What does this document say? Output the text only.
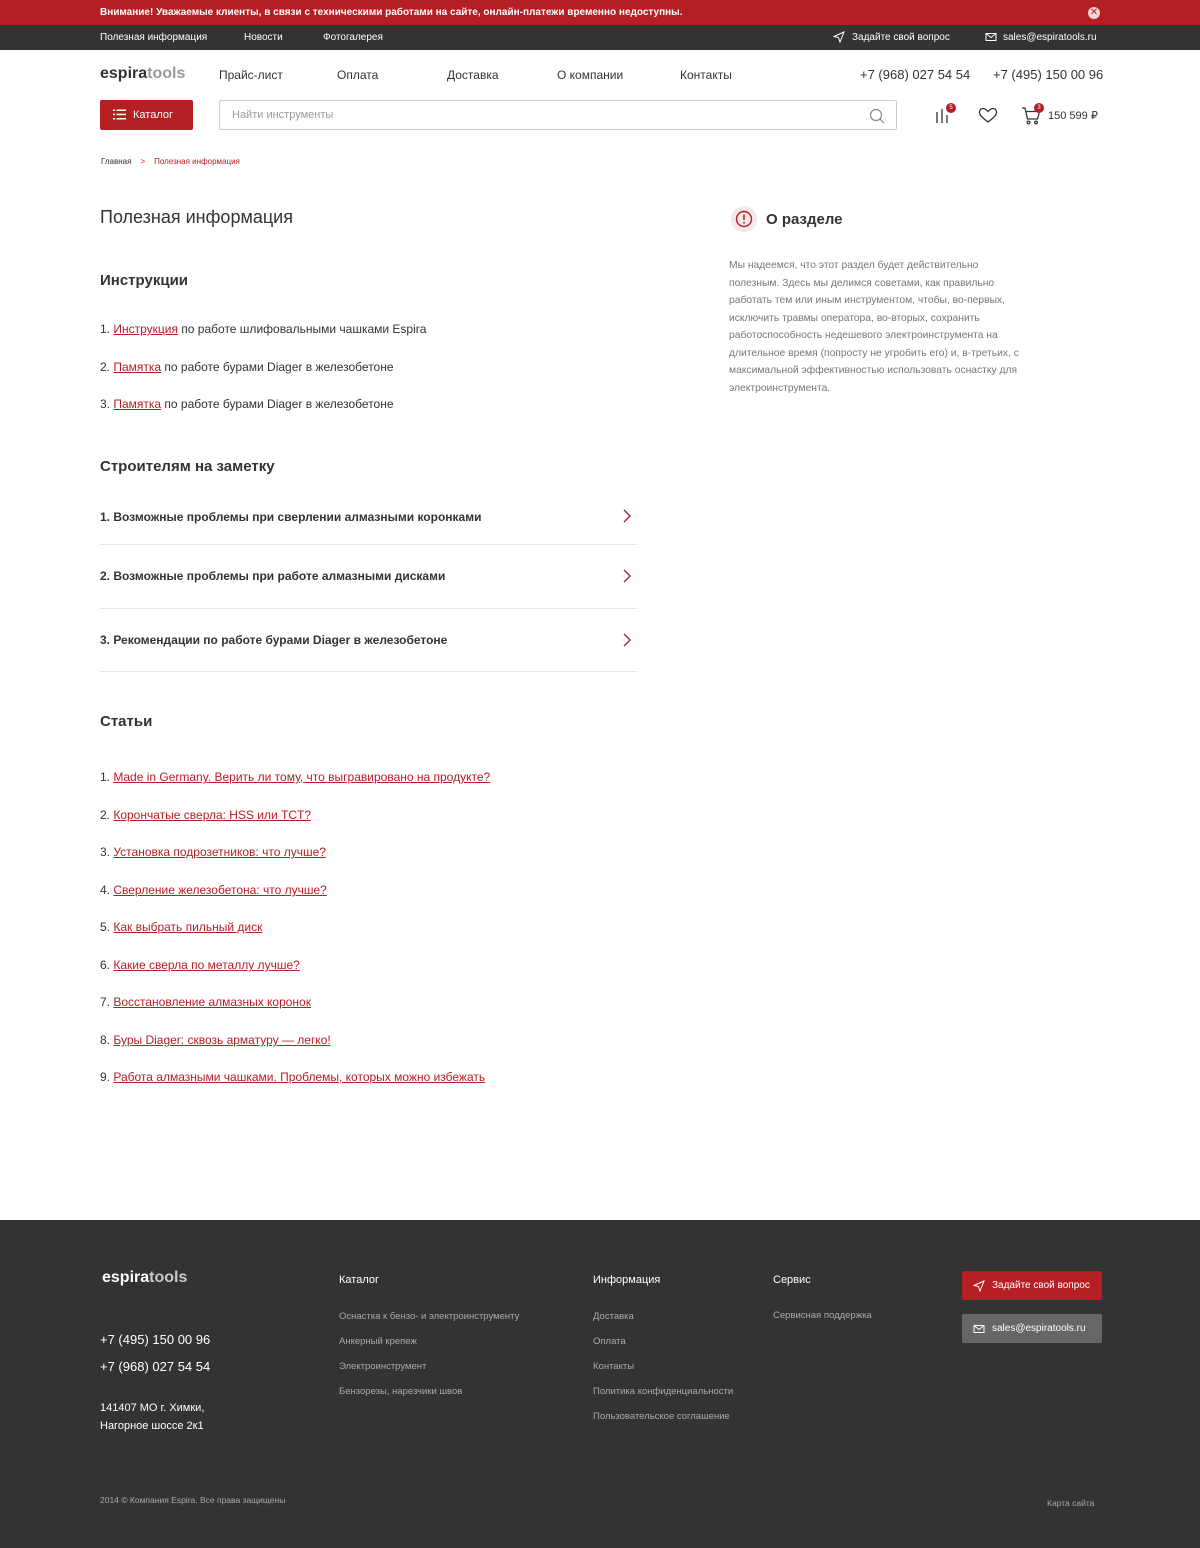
Внимание! Уважаемые клиенты, в связи с техническими работами на сайте, онлайн-платежи временно недоступны.	✕
Полезная информация	Новости	Фотогалерея	Задайте свой вопрос	sales@espiratools.ru
espiratools	Прайс-лист	Оплата	Доставка	О компании	Контакты	+7 (968) 027 54 54 +7 (495) 150 00 96
Каталог
Найти инструменты
5	3
150 599 ₽
Главная > Полезная информация
Полезная информация
Инструкции
1. Инструкция по работе шлифовальными чашками Espira
2. Памятка по работе бурами Diager в железобетоне
3. Памятка по работе бурами Diager в железобетоне
Строителям на заметку
1. Возможные проблемы при сверлении алмазными коронками
2. Возможные проблемы при работе алмазными дисками
3. Рекомендации по работе бурами Diager в железобетоне
Статьи
1. Made in Germany. Верить ли тому, что выгравировано на продукте?
2. Корончатые сверла: HSS или TCT?
3. Установка подрозетников: что лучше?
4. Сверление железобетона: что лучше?
5. Как выбрать пильный диск
6. Какие сверла по металлу лучше?
7. Восстановление алмазных коронок
8. Буры Diager: сквозь арматуру — легко!
9. Работа алмазными чашками. Проблемы, которых можно избежать
О разделе

Мы надеемся, что этот раздел будет действительно полезным. Здесь мы делимся советами, как правильно работать тем или иным инструментом, чтобы, во-первых, исключить травмы оператора, во-вторых, сохранить работоспособность недешевого электроинструмента на длительное время (попросту не угробить его) и, в-третьих, с максимальной эффективностью использовать оснастку для электроинструмента.

espiratools
+7 (495) 150 00 96
+7 (968) 027 54 54
141407 МО г. Химки,
Нагорное шоссе 2к1
Каталог
Оснастка к бензо- и электроинструменту
Анкерный крепеж
Электроинструмент
Бензорезы, нарезчики швов
Информация
Доставка
Оплата
Контакты
Политика конфиденциальности
Пользовательское соглашение
Сервис
Сервисная поддержка
Задайте свой вопрос
sales@espiratools.ru
2014 © Компания Espira. Все права защищены	Карта сайта
